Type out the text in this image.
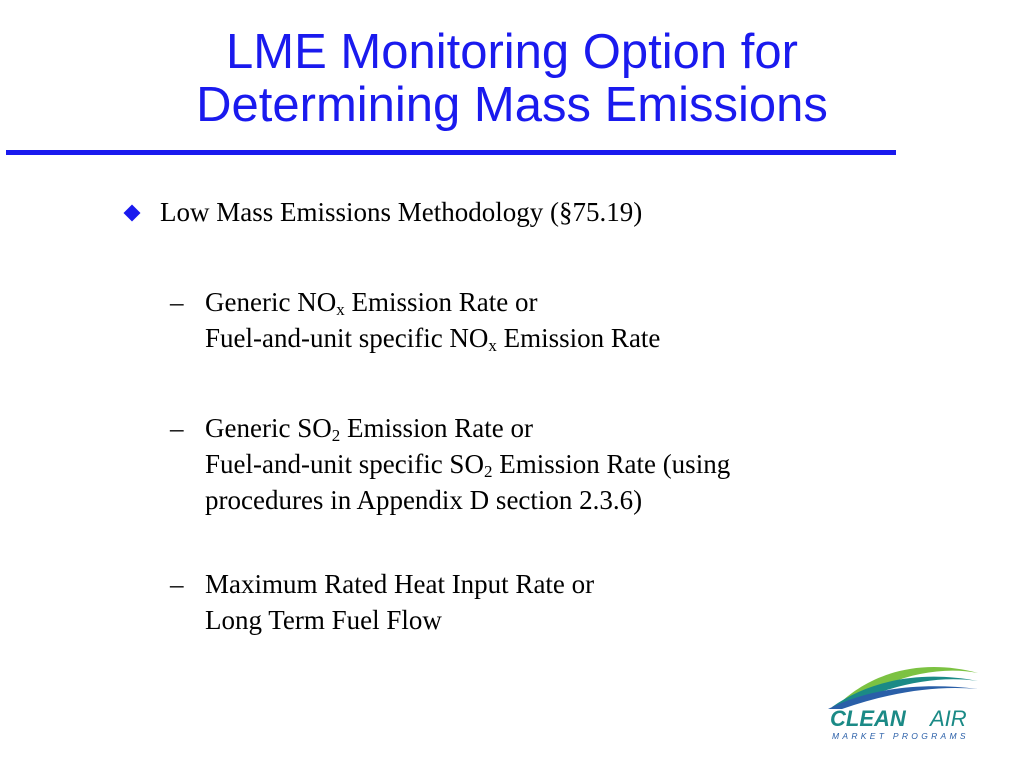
LME Monitoring Option for
Determining Mass Emissions
Low Mass Emissions Methodology (§75.19)
– Generic $NO_x$ Emission Rate or
Fuel-and-unit specific $NO_x$ Emission Rate
– Generic $SO_2$ Emission Rate or
Fuel-and-unit specific $SO_2$ Emission Rate (using
procedures in Appendix D section 2.3.6)
– Maximum Rated Heat Input Rate or
Long Term Fuel Flow
CLEAN AIR
MARKET PROGRAMS
